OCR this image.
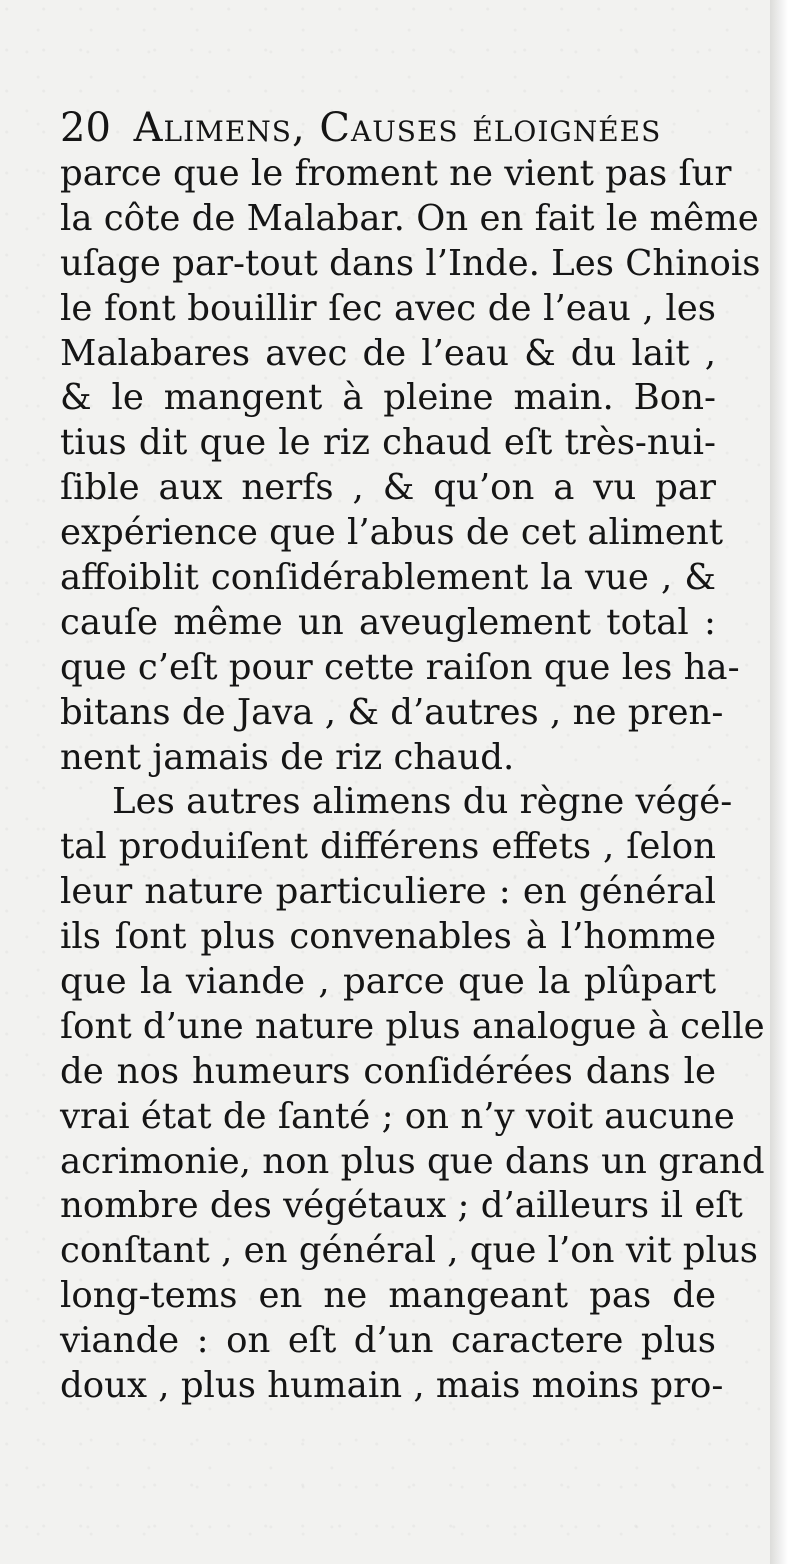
20 Alimens, Causes éloignées
parce que le froment ne vient pas ſur
la côte de Malabar. On en fait le même
uſage par-tout dans l’Inde. Les Chinois
le font bouillir ſec avec de l’eau , les
Malabares avec de l’eau & du lait ,
& le mangent à pleine main. Bon-
tius dit que le riz chaud eſt très-nui-
ſible aux nerfs , & qu’on a vu par
expérience que l’abus de cet aliment
affoiblit conſidérablement la vue , &
cauſe même un aveuglement total :
que c’eſt pour cette raiſon que les ha-
bitans de Java , & d’autres , ne pren-
nent jamais de riz chaud.
Les autres alimens du règne végé-
tal produiſent différens effets , ſelon
leur nature particuliere : en général
ils ſont plus convenables à l’homme
que la viande , parce que la plûpart
ſont d’une nature plus analogue à celle
de nos humeurs conſidérées dans le
vrai état de ſanté ; on n’y voit aucune
acrimonie, non plus que dans un grand
nombre des végétaux ; d’ailleurs il eſt
conſtant , en général , que l’on vit plus
long-tems en ne mangeant pas de
viande : on eſt d’un caractere plus
doux , plus humain , mais moins pro-
